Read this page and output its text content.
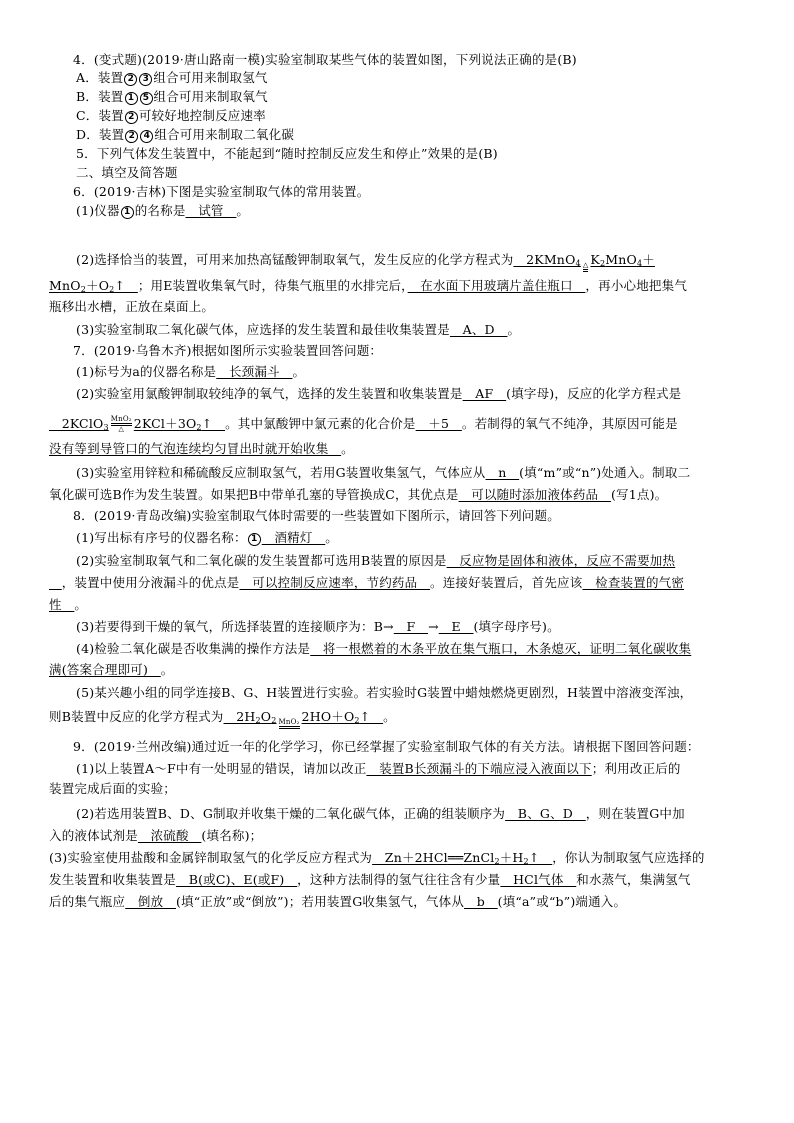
4．(变式题)(2019·唐山路南一模)实验室制取某些气体的装置如图，下列说法正确的是(B)
A．装置 2 3 组合可用来制取氢气
B．装置 1 5 组合可用来制取氧气
C．装置 2 可较好地控制反应速率
D．装置 2 4 组合可用来制取二氧化碳
5．下列气体发生装置中，不能起到“随时控制反应发生和停止”效果的是(B)
二、填空及简答题
6．(2019·吉林)下图是实验室制取气体的常用装置。
(1)仪器 1 的名称是　试管　。
(2)选择恰当的装置，可用来加热高锰酸钾制取氧气，发生反应的化学方程式为　2KMnO$_4$ △ $K_2MnO_4+$
$MnO_2+O_2↑$　；用E装置收集氧气时，待集气瓶里的水排完后，　在水面下用玻璃片盖住瓶口　，再小心地把集气
瓶移出水槽，正放在桌面上。
(3)实验室制取二氧化碳气体，应选择的发生装置和最佳收集装置是　A、D　。
7．(2019·乌鲁木齐)根据如图所示实验装置回答问题：
(1)标号为a的仪器名称是　长颈漏斗　。
(2)实验室用氯酸钾制取较纯净的氧气，选择的发生装置和收集装置是　AF　(填字母)，反应的化学方程式是
　2KClO$_3$
MnO₂
△ $2KCl+3O_2↑$　。其中氯酸钾中氯元素的化合价是　＋5　。若制得的氧气不纯净，其原因可能是
没有等到导管口的气泡连续均匀冒出时就开始收集　。
(3)实验室用锌粒和稀硫酸反应制取氢气，若用G装置收集氢气，气体应从　n　(填“m”或“n”)处通入。制取二
氧化碳可选B作为发生装置。如果把B中带单孔塞的导管换成C，其优点是　可以随时添加液体药品　(写1点)。
8．(2019·青岛改编)实验室制取气体时需要的一些装置如下图所示，请回答下列问题。
(1)写出标有序号的仪器名称： 1　酒精灯　。
(2)实验室制取氧气和二氧化碳的发生装置都可选用B装置的原因是　反应物是固体和液体，反应不需要加热
　，装置中使用分液漏斗的优点是　可以控制反应速率，节约药品　。连接好装置后，首先应该　检查装置的气密
性　。
(3)若要得到干燥的氧气，所选择装置的连接顺序为：B→　F　→　E　(填字母序号)。
(4)检验二氧化碳是否收集满的操作方法是　将一根燃着的木条平放在集气瓶口，木条熄灭，证明二氧化碳收集
满(答案合理即可)　。
(5)某兴趣小组的同学连接B、G、H装置进行实验。若实验时G装置中蜡烛燃烧更剧烈，H装置中溶液变浑浊，
则B装置中反应的化学方程式为　$2H_2O_2$ MnO₂ $2HO+O_2↑$　。
9．(2019·兰州改编)通过近一年的化学学习，你已经掌握了实验室制取气体的有关方法。请根据下图回答问题：
(1)以上装置A～F中有一处明显的错误，请加以改正　装置B长颈漏斗的下端应浸入液面以下；利用改正后的
装置完成后面的实验；
(2)若选用装置B、D、G制取并收集干燥的二氧化碳气体，正确的组装顺序为　B、G、D　，则在装置G中加
入的液体试剂是　浓硫酸　(填名称)；
(3)实验室使用盐酸和金属锌制取氢气的化学反应方程式为　$Zn+2HCl══ZnCl_2+H_2↑$　，你认为制取氢气应选择的
发生装置和收集装置是　B(或C)、E(或F)　，这种方法制得的氢气往往含有少量　HCl气体　和水蒸气，集满氢气
后的集气瓶应　倒放　(填“正放”或“倒放”)；若用装置G收集氢气，气体从　b　(填“a”或“b”)端通入。
